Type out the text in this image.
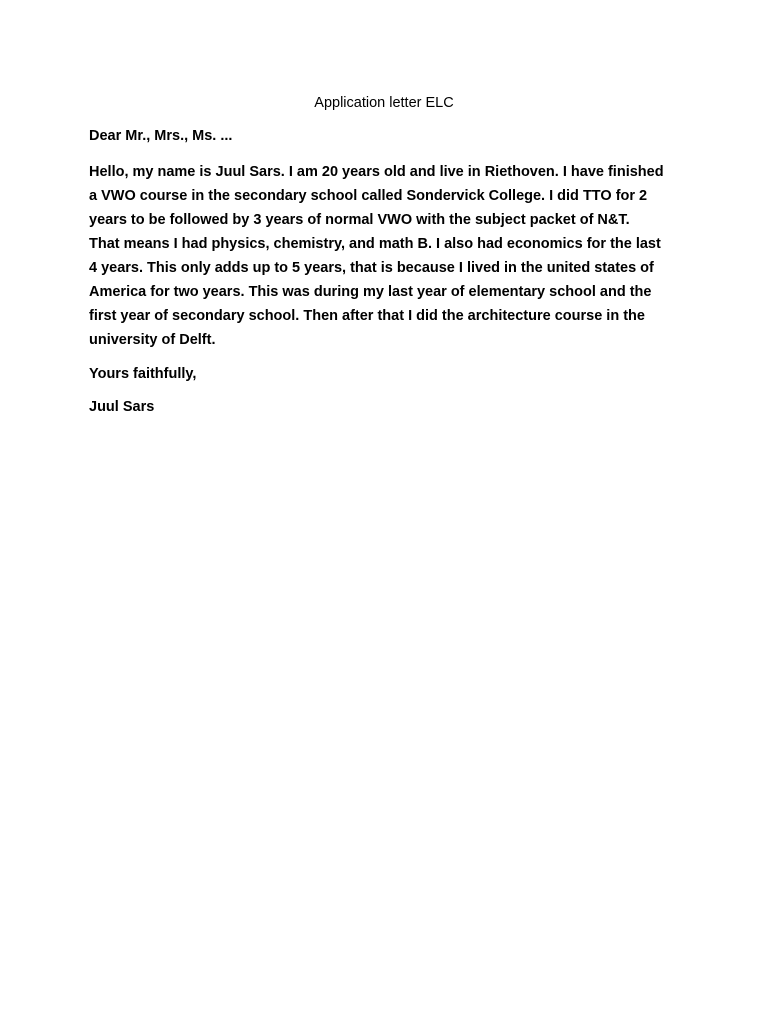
Application letter ELC
Dear Mr., Mrs., Ms. ...
Hello, my name is Juul Sars. I am 20 years old and live in Riethoven. I have finished
a VWO course in the secondary school called Sondervick College. I did TTO for 2
years to be followed by 3 years of normal VWO with the subject packet of N&T.
That means I had physics, chemistry, and math B. I also had economics for the last
4 years. This only adds up to 5 years, that is because I lived in the united states of
America for two years. This was during my last year of elementary school and the
first year of secondary school. Then after that I did the architecture course in the
university of Delft.
Yours faithfully,
Juul Sars
